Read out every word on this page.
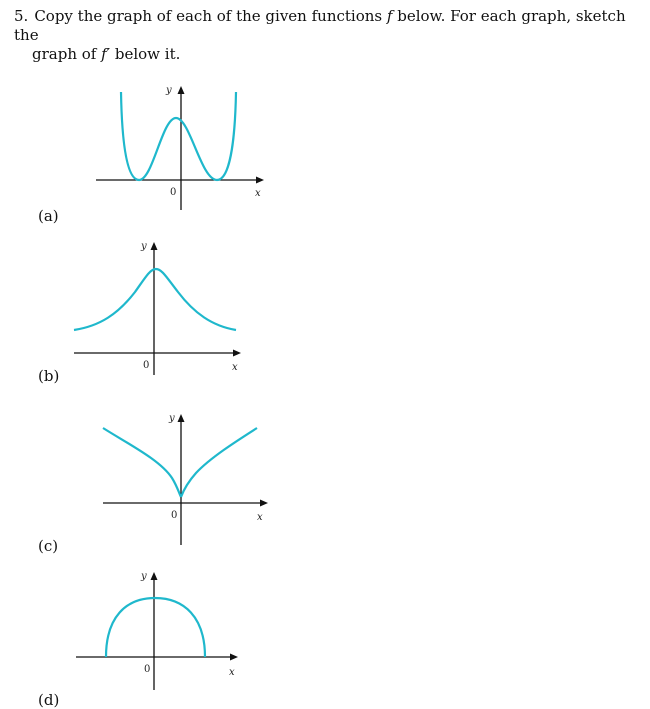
5. Copy the graph of each of the given functions f below. For each graph, sketch the
graph of f′ below it.
(a)
y
x
0
(b)
y
x
0
(c)
y
x
0
(d)
y
x
0
